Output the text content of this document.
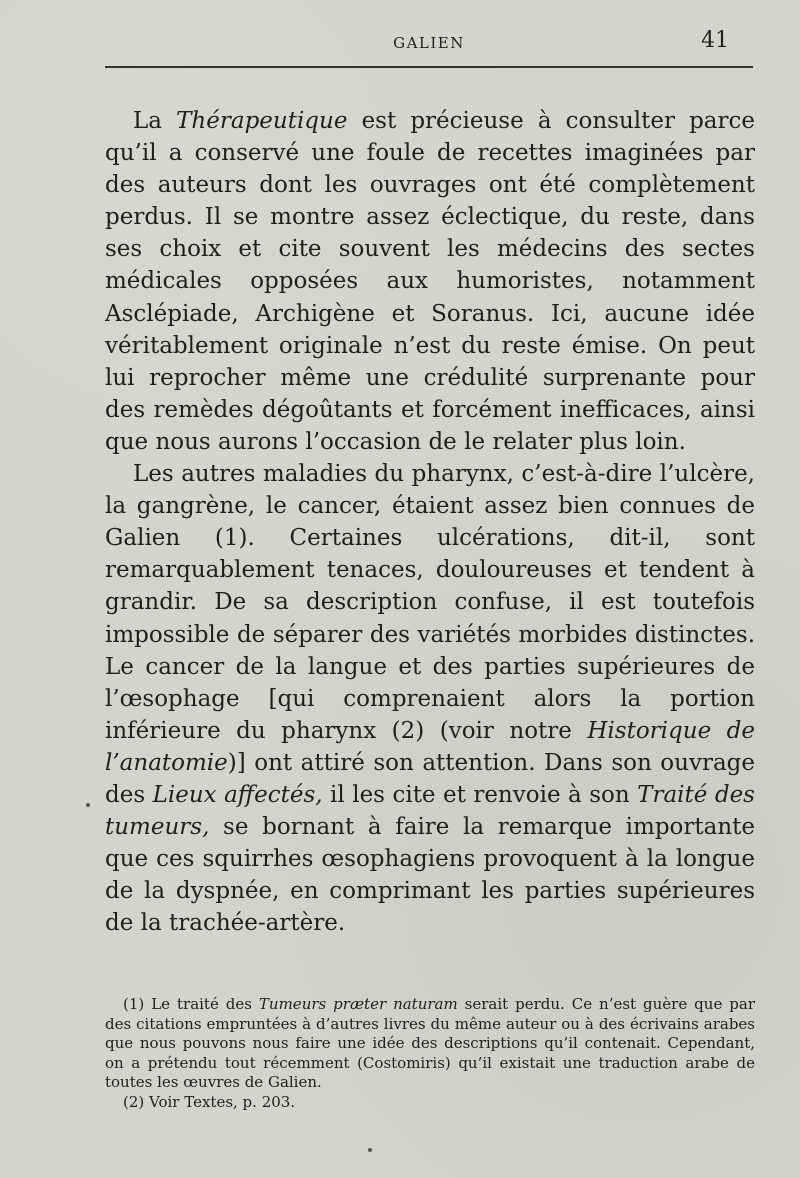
GALIEN	41

La Thérapeutique est précieuse à consulter parce qu’il a conservé une foule de recettes imaginées par des auteurs dont les ouvrages ont été complètement perdus. Il se montre assez éclectique, du reste, dans ses choix et cite souvent les médecins des sectes médicales opposées aux humoristes, notamment Asclépiade, Archigène et Soranus. Ici, aucune idée véritablement originale n’est du reste émise. On peut lui reprocher même une crédulité surprenante pour des remèdes dégoûtants et forcément inefficaces, ainsi que nous aurons l’occasion de le relater plus loin.

Les autres maladies du pharynx, c’est-à-dire l’ulcère, la gangrène, le cancer, étaient assez bien connues de Galien (1). Certaines ulcérations, dit-il, sont remarquablement tenaces, douloureuses et tendent à grandir. De sa description confuse, il est toutefois impossible de séparer des variétés morbides distinctes. Le cancer de la langue et des parties supérieures de l’œsophage [qui comprenaient alors la portion inférieure du pharynx (2) (voir notre Historique de l’anatomie)] ont attiré son attention. Dans son ouvrage des Lieux affectés, il les cite et renvoie à son Traité des tumeurs, se bornant à faire la remarque importante que ces squirrhes œsophagiens provoquent à la longue de la dyspnée, en comprimant les parties supérieures de la trachée-artère.

(1) Le traité des Tumeurs præter naturam serait perdu. Ce n’est guère que par des citations empruntées à d’autres livres du même auteur ou à des écrivains arabes que nous pouvons nous faire une idée des descriptions qu’il contenait. Cependant, on a prétendu tout récemment (Costomiris) qu’il existait une traduction arabe de toutes les œuvres de Galien.

(2) Voir Textes, p. 203.
